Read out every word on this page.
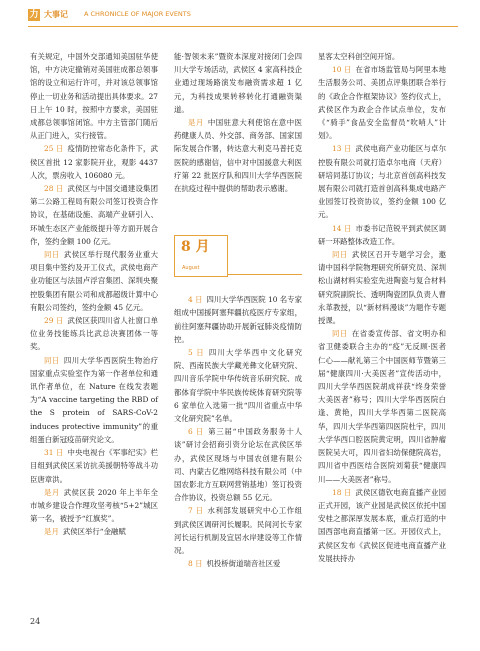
力 大事记 A CHRONICLE OF MAJOR EVENTS

有关规定，中国外交部通知美国驻华使馆，中方决定撤销对美国驻成都总领事馆的设立和运行许可，并对该总领事馆停止一切业务和活动提出具体要求。27 日上午 10 时，按照中方要求，美国驻成都总领事馆闭馆。中方主管部门随后从正门进入，实行接管。

25 日 疫情防控常态化条件下，武侯区首批 12 家影院开业，观影 4437 人次，票房收入 106080 元。

28 日 武侯区与中国交通建设集团第二公路工程局有限公司签订投资合作协议，在基础设施、高端产业研引入、环城生态区产业能级提升等方面开展合作，签约金额 100 亿元。

同日 武侯区举行现代服务业重大项目集中签约及开工仪式，武侯电商产业功能区与法国卢浮宫集团、深圳央聚控股集团有限公司和成都超级计算中心有限公司签约，签约金额 45 亿元。

29 日 武侯区获四川省人社窗口单位业务技能练兵比武总决赛团体一等奖。

同日 四川大学华西医院生物治疗国家重点实验室作为第一作者单位和通讯作者单位，在 Nature 在线发表题为“A vaccine targeting the RBD of the S protein of SARS-CoV-2 induces protective immunity”的重组蛋白新冠疫苗研究论文。

31 日 中央电视台《军事纪实》栏目组到武侯区采访抗美援朝特等战斗功臣唐章洪。

是月 武侯区获 2020 年上半年全市城乡建设合作理攻坚考核“5+2”城区第一名，被授予“红旗奖”。

是月 武侯区举行“金融赋

能·智领未来”暨资本深度对接闭门会四川大学专场活动，武侯区 4 家高科技企业通过现场路演发布融资需求超 1 亿元，为科技成果转移转化打通融资渠道。

是月 中国驻意大利使馆在意中医药健康人员、外交部、商务部、国家国际发展合作署，转达意大利克马普托克医院的感谢信，信中对中国援意大利医疗第 22 批医疗队和四川大学华西医院在抗疫过程中提供的帮助表示感谢。

8 月
August

4 日 四川大学华西医院 10 名专家组成中国援阿塞拜疆抗疫医疗专家组，前往阿塞拜疆协助开展新冠肺炎疫情防控。

5 日 四川大学华西中文化研究院、西南民族大学藏羌彝文化研究院、四川音乐学院中华传统音乐研究院、成都体育学院中华民族传统体育研究院等 6 家单位入选第一批“四川省重点中华文化研究院”名单。

6 日 第三届“中国政务服务十人谈”研讨会招商引资分论坛在武侯区举办，武侯区现场与中国农创建有限公司、内蒙古亿维网络科技有限公司（中国农影北方互联网营销基地）签订投资合作协议，投资总额 55 亿元。

7 日 水利部发展研究中心工作组到武侯区调研河长履职。民间河长专家河长运行机制及宜居水岸建设等工作情况。

8 日 机投桥街道瑞音社区爱

星客太空科创空间开馆。

10 日 在省市场监管局与阿里本地生活服务公司、美团点评集团联合举行的《政企合作框架协议》签约仪式上，武侯区作为政企合作试点单位，发布《“骑手”食品安全监督员“吹哨人”计划》。

13 日 武侯电商产业功能区与卓尔控股有限公司就打造卓尔电商（天府）研培同基订协议；与北京首创高科技发展有限公司就打造首创高科集成电路产业园签订投资协议，签约金额 100 亿元。

14 日 市委书记范锐平到武侯区调研一环路整体改造工作。

同日 武侯区召开专题学习会，邀请中国科学院物理研究所研究员、深圳松山湖材料实验室先进陶瓷与复合材料研究院副院长、透明陶瓷团队负责人曹永革教授，以“新材料漫谈”为题作专题授课。

同日 在省委宣传部、省文明办和省卫健委联合主办的“疫”无反顾·医者仁心——献礼第三个中国医师节暨第三届“健康四川·大美医者”宣传活动中，四川大学华西医院胡成祥获“终身荣誉大美医者”称号；四川大学华西医院白逢、黄艳，四川大学华西第二医院高华，四川大学华西第四医院杜宇，四川大学华西口腔医院黄定明，四川省肿瘤医院吴大可，四川省妇幼保健院高岩，四川省中西医结合医院刘菊获“健康四川——大美医者”称号。

18 日 武侯区德钦电商直播产业园正式开园，该产业园是武侯区依托中国安桂之都深厚发展本底，重点打造的中国西部电商直播第一区。开园仪式上，武侯区发布《武侯区促进电商直播产业发展扶持办

24
